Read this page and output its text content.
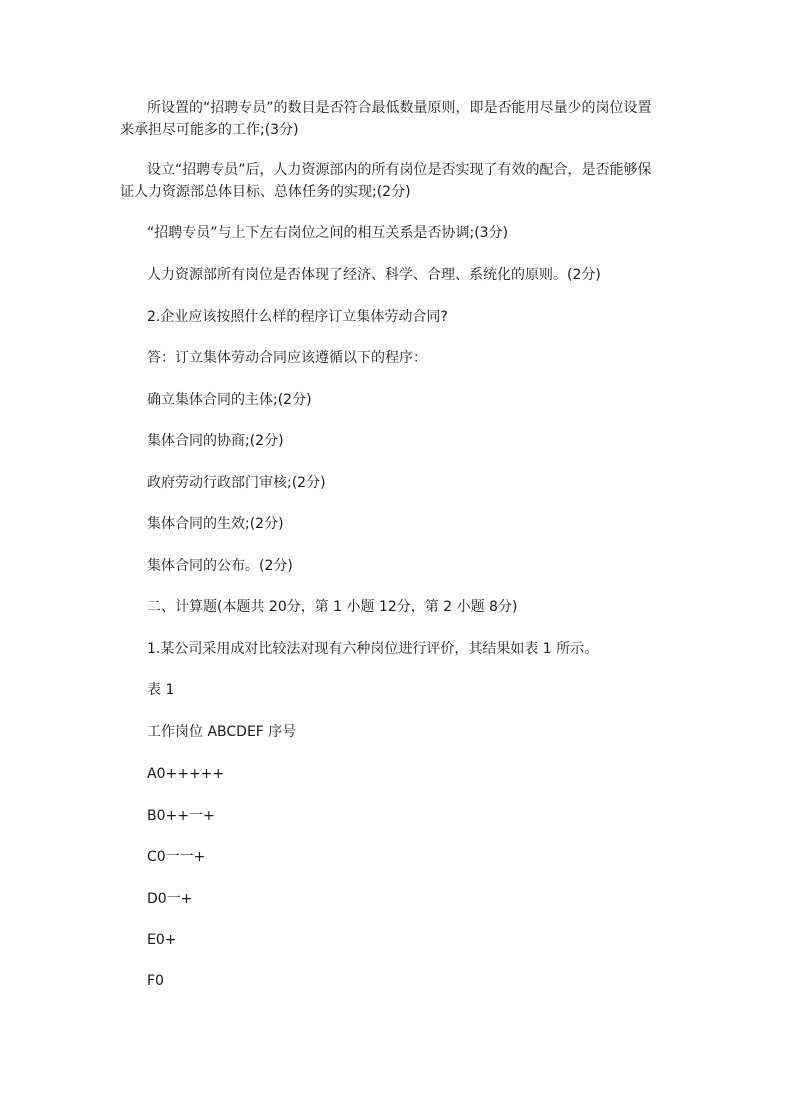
所设置的“招聘专员”的数目是否符合最低数量原则，即是否能用尽量少的岗位设置
来承担尽可能多的工作;(3分)
设立“招聘专员”后，人力资源部内的所有岗位是否实现了有效的配合，是否能够保
证人力资源部总体目标、总体任务的实现;(2分)
“招聘专员”与上下左右岗位之间的相互关系是否协调;(3分)
人力资源部所有岗位是否体现了经济、科学、合理、系统化的原则。(2分)
2.企业应该按照什么样的程序订立集体劳动合同?
答：订立集体劳动合同应该遵循以下的程序：
确立集体合同的主体;(2分)
集体合同的协商;(2分)
政府劳动行政部门审核;(2分)
集体合同的生效;(2分)
集体合同的公布。(2分)
二、计算题(本题共 20分，第 1 小题 12分，第 2 小题 8分)
1.某公司采用成对比较法对现有六种岗位进行评价，其结果如表 1 所示。
表 1
工作岗位 ABCDEF 序号
A0+++++
B0++一+
C0一一+
D0一+
E0+
F0
